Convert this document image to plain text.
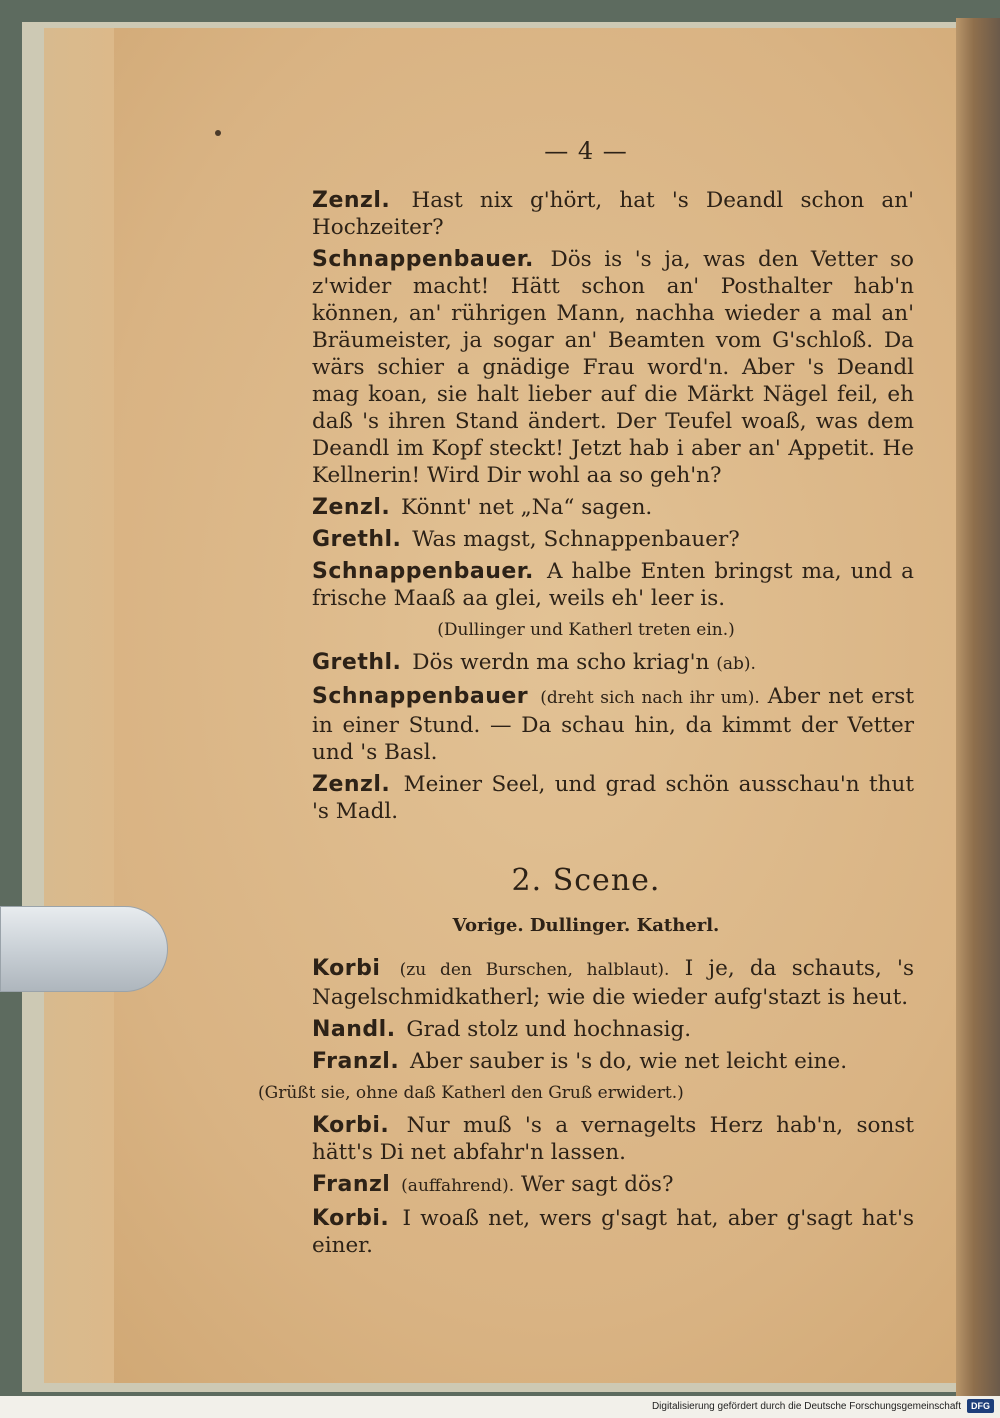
— 4 —

Zenzl. Hast nix g'hört, hat 's Deandl schon an' Hochzeiter?

Schnappenbauer. Dös is 's ja, was den Vetter so z'wider macht! Hätt schon an' Posthalter hab'n können, an' rührigen Mann, nachha wieder a mal an' Bräumeister, ja sogar an' Beamten vom G'schloß. Da wärs schier a gnädige Frau word'n. Aber 's Deandl mag koan, sie halt lieber auf die Märkt Nägel feil, eh daß 's ihren Stand ändert. Der Teufel woaß, was dem Deandl im Kopf steckt! Jetzt hab i aber an' Appetit. He Kellnerin! Wird Dir wohl aa so geh'n?

Zenzl. Könnt' net „Na“ sagen.

Grethl. Was magst, Schnappenbauer?

Schnappenbauer. A halbe Enten bringst ma, und a frische Maaß aa glei, weils eh' leer is.

(Dullinger und Katherl treten ein.)

Grethl. Dös werdn ma scho kriag'n (ab).

Schnappenbauer (dreht sich nach ihr um). Aber net erst in einer Stund. — Da schau hin, da kimmt der Vetter und 's Basl.

Zenzl. Meiner Seel, und grad schön ausschau'n thut 's Madl.

2. Scene.
Vorige. Dullinger. Katherl.

Korbi (zu den Burschen, halblaut). I je, da schauts, 's Nagelschmidkatherl; wie die wieder aufg'stazt is heut.

Nandl. Grad stolz und hochnasig.

Franzl. Aber sauber is 's do, wie net leicht eine.

(Grüßt sie, ohne daß Katherl den Gruß erwidert.)

Korbi. Nur muß 's a vernagelts Herz hab'n, sonst hätt's Di net abfahr'n lassen.

Franzl (auffahrend). Wer sagt dös?

Korbi. I woaß net, wers g'sagt hat, aber g'sagt hat's einer.

Digitalisierung gefördert durch die Deutsche Forschungsgemeinschaft	DFG
